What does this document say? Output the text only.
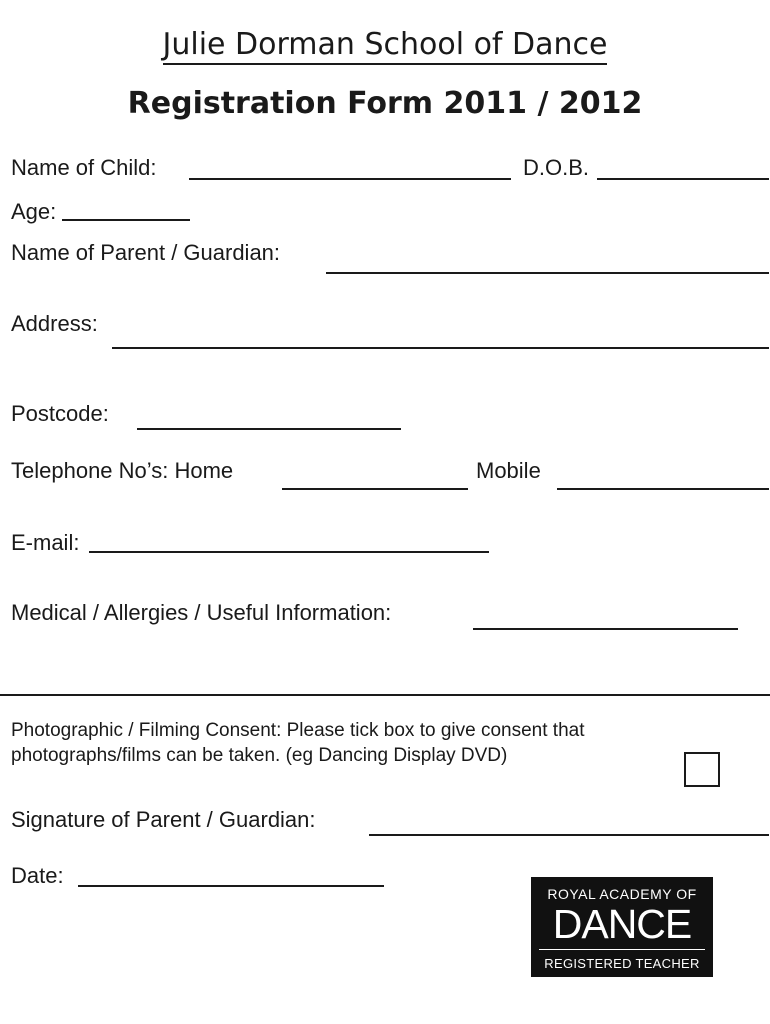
Julie Dorman School of Dance
Registration Form 2011 / 2012
Name of Child:	D.O.B.
Age:
Name of Parent / Guardian:
Address:
Postcode:
Telephone No’s: Home	Mobile
E-mail:
Medical / Allergies / Useful Information:
Photographic / Filming Consent: Please tick box to give consent that
photographs/films can be taken. (eg Dancing Display DVD)
Signature of Parent / Guardian:
Date:
ROYAL ACADEMY OF
DANCE
REGISTERED TEACHER
